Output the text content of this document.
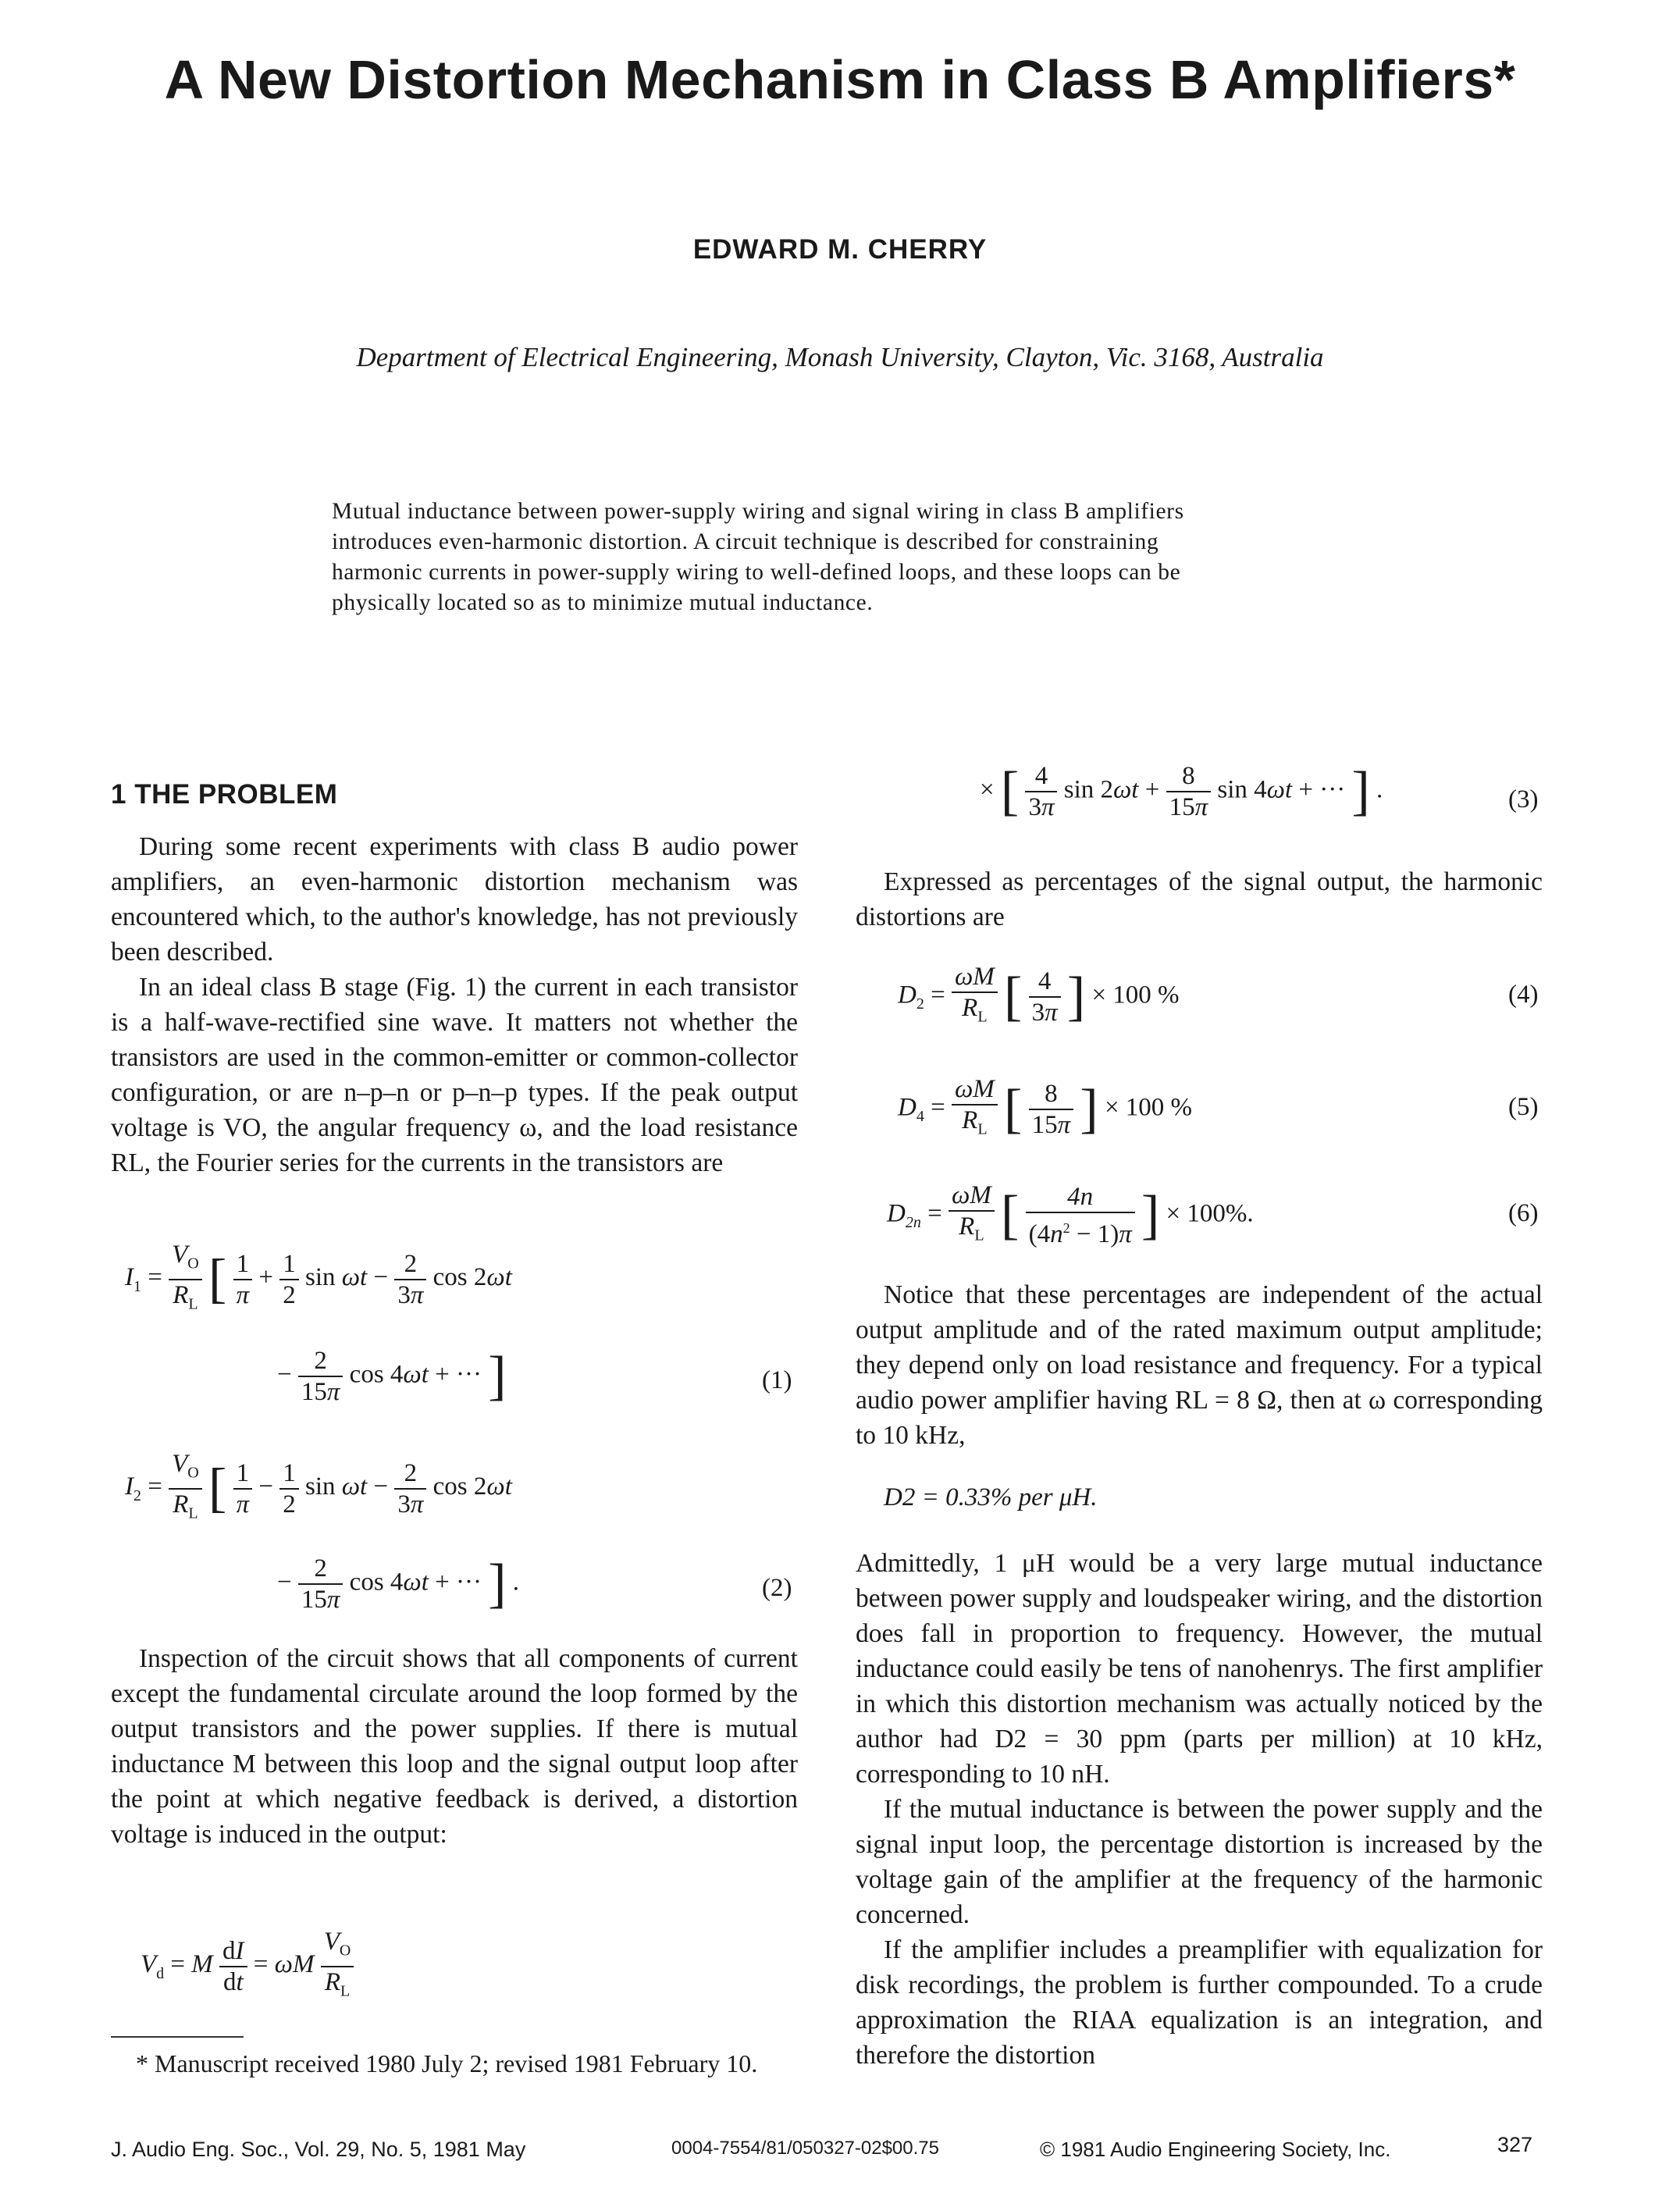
A New Distortion Mechanism in Class B Amplifiers*
EDWARD M. CHERRY
Department of Electrical Engineering, Monash University, Clayton, Vic. 3168, Australia
Mutual inductance between power-supply wiring and signal wiring in class B amplifiers
introduces even-harmonic distortion. A circuit technique is described for constraining
harmonic currents in power-supply wiring to well-defined loops, and these loops can be
physically located so as to minimize mutual inductance.
1 THE PROBLEM

During some recent experiments with class B audio power amplifiers, an even-harmonic distortion mechanism was encountered which, to the author's knowledge, has not previously been described.

In an ideal class B stage (Fig. 1) the current in each transistor is a half-wave-rectified sine wave. It matters not whether the transistors are used in the common-emitter or common-collector configuration, or are n–p–n or p–n–p types. If the peak output voltage is VO, the angular frequency ω, and the load resistance RL, the Fourier series for the currents in the transistors are

$I_1 = \frac{V_O}{R_L}$ [ $\frac{1}{\pi} + \frac{1}{2}$ $\sin \omega t - \frac{2}{3\pi}$ cos 2ωt
− $\frac{2}{15\pi}$ cos 4ωt + ··· ]	(1)
$I_2 = \frac{V_O}{R_L}$ [ $\frac{1}{\pi} - \frac{1}{2}$ $\sin \omega t - \frac{2}{3\pi}$ cos 2ωt
− $\frac{2}{15\pi}$ cos 4ωt + ··· ] .	(2)

Inspection of the circuit shows that all components of current except the fundamental circulate around the loop formed by the output transistors and the power supplies. If there is mutual inductance M between this loop and the signal output loop after the point at which negative feedback is derived, a distortion voltage is induced in the output:

$V_d = M \frac{dI}{dt} = \omega M \frac{V_O}{R_L}$

* Manuscript received 1980 July 2; revised 1981 February 10.

× [ $\frac{4}{3\pi}$ $\sin 2\omega t + \frac{8}{15\pi}$ sin 4ωt + ··· ] .	(3)

Expressed as percentages of the signal output, the harmonic distortions are

$D_2 = \frac{\omega M}{R_L}$ [ $\frac{4}{3\pi}$ ] × 100 %	(4)
$D_4 = \frac{\omega M}{R_L}$ [ $\frac{8}{15\pi}$ ] × 100 %	(5)
$D_{2n} = \frac{\omega M}{R_L}$ [ $\frac{4n}{(4n^2 - 1)\pi}$ ] × 100%.	(6)

Notice that these percentages are independent of the actual output amplitude and of the rated maximum output amplitude; they depend only on load resistance and frequency. For a typical audio power amplifier having RL = 8 Ω, then at ω corresponding to 10 kHz,

D2 = 0.33% per μH.

Admittedly, 1 μH would be a very large mutual inductance between power supply and loudspeaker wiring, and the distortion does fall in proportion to frequency. However, the mutual inductance could easily be tens of nanohenrys. The first amplifier in which this distortion mechanism was actually noticed by the author had D2 = 30 ppm (parts per million) at 10 kHz, corresponding to 10 nH.

If the mutual inductance is between the power supply and the signal input loop, the percentage distortion is increased by the voltage gain of the amplifier at the frequency of the harmonic concerned.

If the amplifier includes a preamplifier with equalization for disk recordings, the problem is further compounded. To a crude approximation the RIAA equalization is an integration, and therefore the distortion

J. Audio Eng. Soc., Vol. 29, No. 5, 1981 May	0004-7554/81/050327-02$00.75	© 1981 Audio Engineering Society, Inc.	327
